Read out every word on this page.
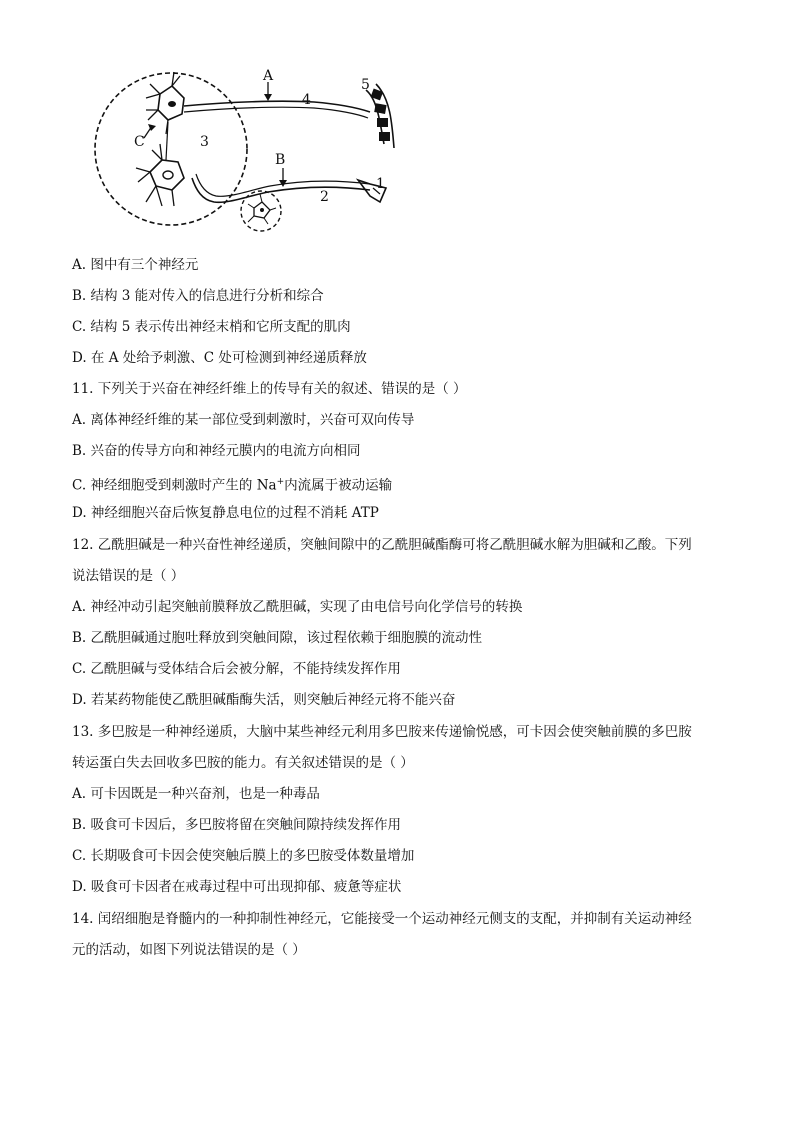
A
B
C
1
2
3
4
5
A. 图中有三个神经元
B. 结构 3 能对传入的信息进行分析和综合
C. 结构 5 表示传出神经末梢和它所支配的肌肉
D. 在 A 处给予刺激、C 处可检测到神经递质释放
11. 下列关于兴奋在神经纤维上的传导有关的叙述、错误的是（ ）
A. 离体神经纤维的某一部位受到刺激时，兴奋可双向传导
B. 兴奋的传导方向和神经元膜内的电流方向相同
C. 神经细胞受到刺激时产生的 Na+内流属于被动运输
D. 神经细胞兴奋后恢复静息电位的过程不消耗 ATP
12. 乙酰胆碱是一种兴奋性神经递质，突触间隙中的乙酰胆碱酯酶可将乙酰胆碱水解为胆碱和乙酸。下列
说法错误的是（ ）
A. 神经冲动引起突触前膜释放乙酰胆碱，实现了由电信号向化学信号的转换
B. 乙酰胆碱通过胞吐释放到突触间隙，该过程依赖于细胞膜的流动性
C. 乙酰胆碱与受体结合后会被分解，不能持续发挥作用
D. 若某药物能使乙酰胆碱酯酶失活，则突触后神经元将不能兴奋
13. 多巴胺是一种神经递质，大脑中某些神经元利用多巴胺来传递愉悦感，可卡因会使突触前膜的多巴胺
转运蛋白失去回收多巴胺的能力。有关叙述错误的是（ ）
A. 可卡因既是一种兴奋剂，也是一种毒品
B. 吸食可卡因后，多巴胺将留在突触间隙持续发挥作用
C. 长期吸食可卡因会使突触后膜上的多巴胺受体数量增加
D. 吸食可卡因者在戒毒过程中可出现抑郁、疲惫等症状
14. 闰绍细胞是脊髓内的一种抑制性神经元，它能接受一个运动神经元侧支的支配，并抑制有关运动神经
元的活动，如图下列说法错误的是（ ）
